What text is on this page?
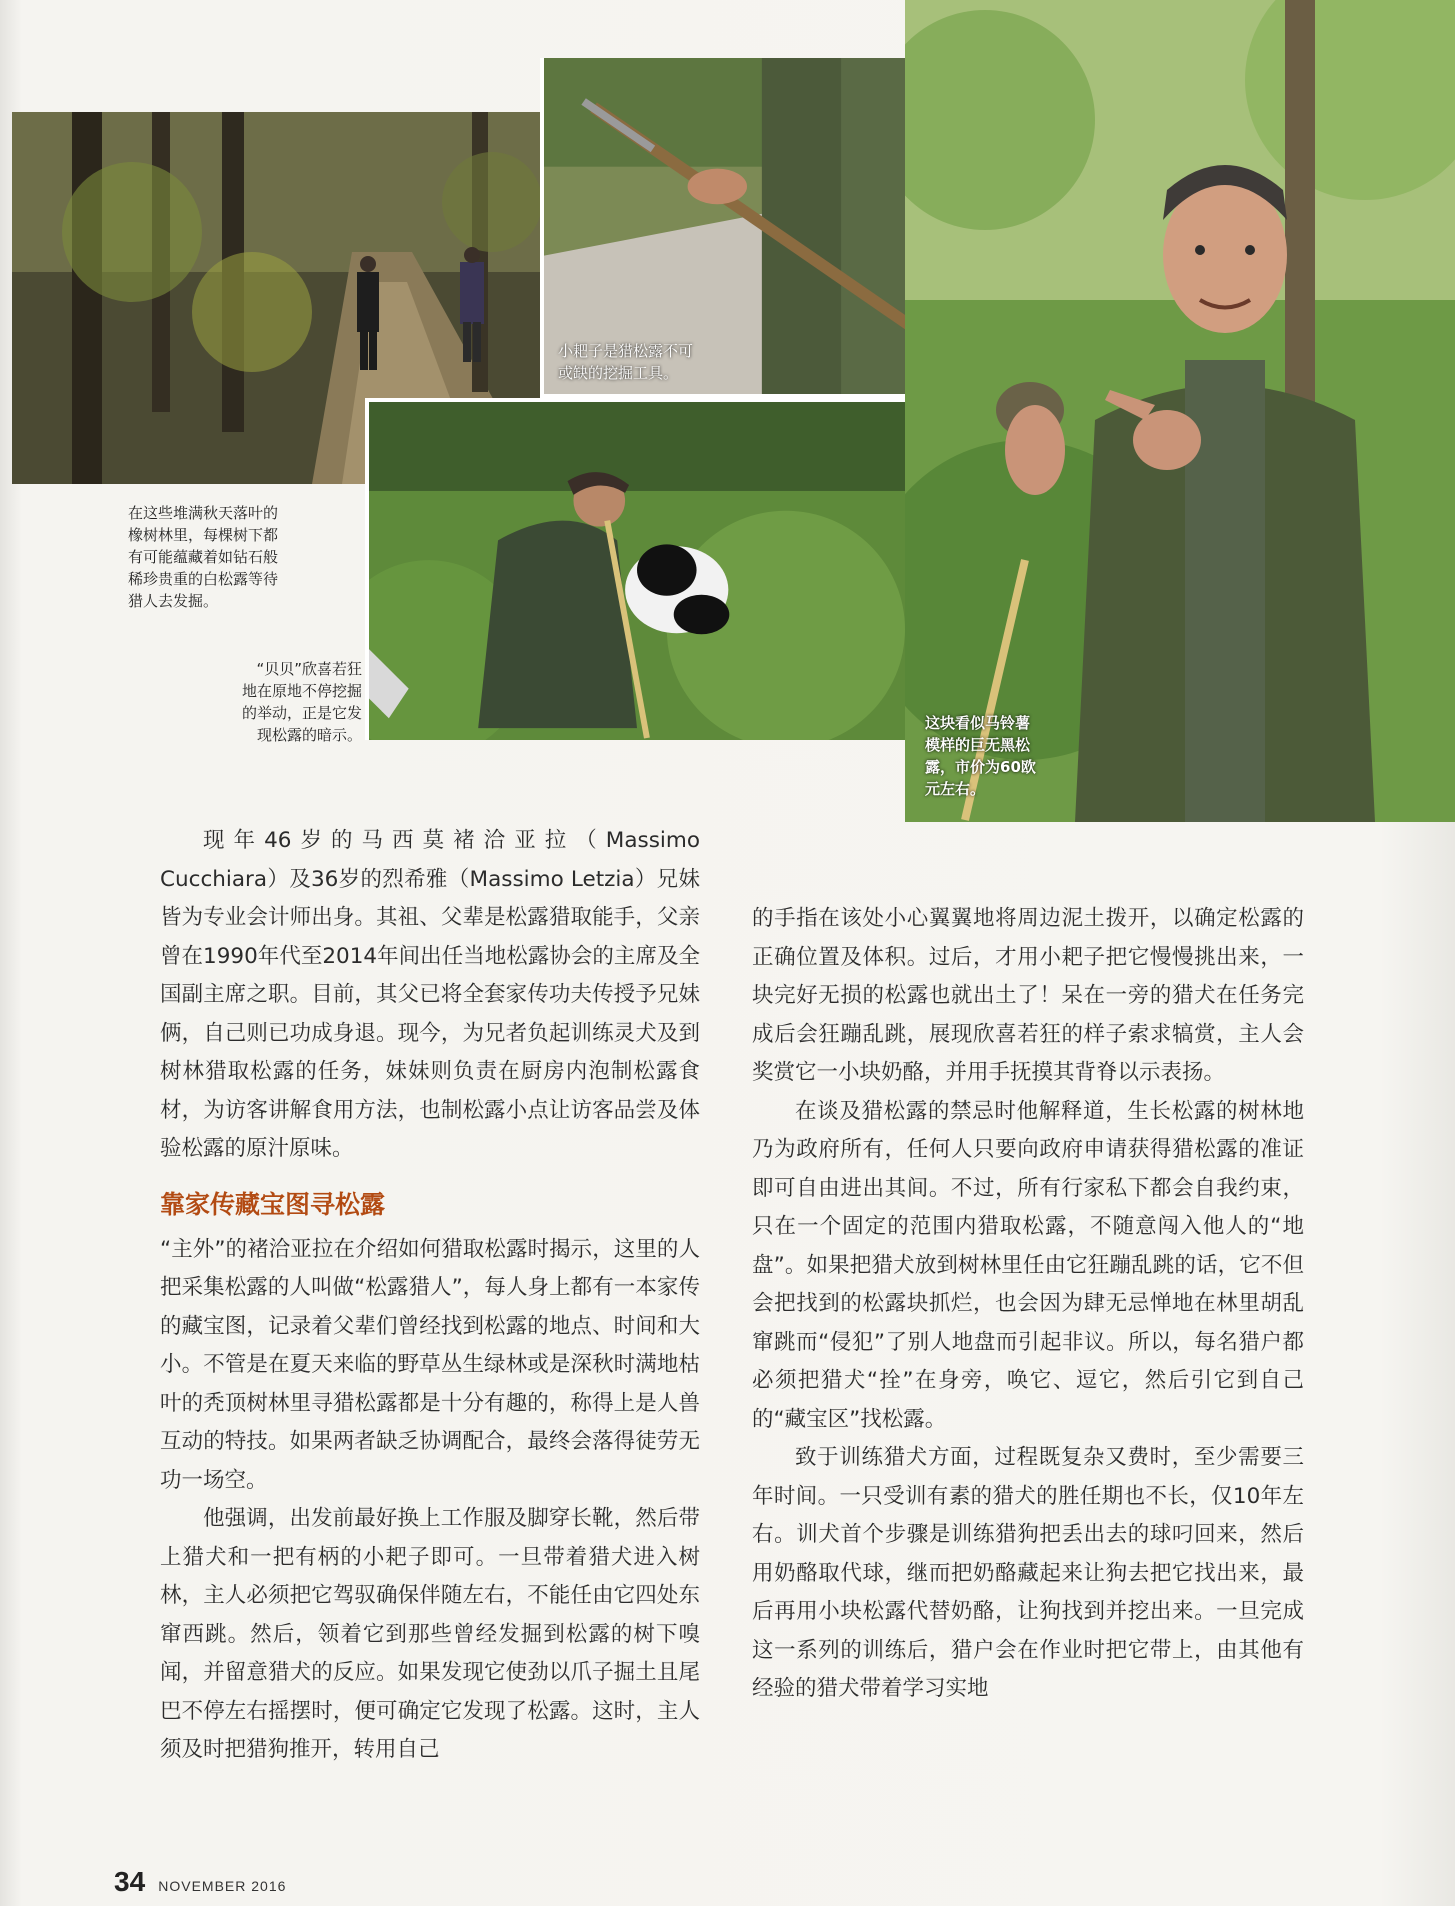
在这些堆满秋天落叶的
橡树林里，每棵树下都
有可能蕴藏着如钻石般
稀珍贵重的白松露等待
猎人去发掘。
“贝贝”欣喜若狂
地在原地不停挖掘
的举动，正是它发
现松露的暗示。
小耙子是猎松露不可
或缺的挖掘工具。
这块看似马铃薯
模样的巨无黑松
露，市价为60欧
元左右。

现年46岁的马西莫褚洽亚拉（Massimo Cucchiara）及36岁的烈希雅（Massimo Letzia）兄妹皆为专业会计师出身。其祖、父辈是松露猎取能手，父亲曾在1990年代至2014年间出任当地松露协会的主席及全国副主席之职。目前，其父已将全套家传功夫传授予兄妹俩，自己则已功成身退。现今，为兄者负起训练灵犬及到树林猎取松露的任务，妹妹则负责在厨房内泡制松露食材，为访客讲解食用方法，也制松露小点让访客品尝及体验松露的原汁原味。

靠家传藏宝图寻松露

“主外”的褚洽亚拉在介绍如何猎取松露时揭示，这里的人把采集松露的人叫做“松露猎人”，每人身上都有一本家传的藏宝图，记录着父辈们曾经找到松露的地点、时间和大小。不管是在夏天来临的野草丛生绿林或是深秋时满地枯叶的秃顶树林里寻猎松露都是十分有趣的，称得上是人兽互动的特技。如果两者缺乏协调配合，最终会落得徒劳无功一场空。

他强调，出发前最好换上工作服及脚穿长靴，然后带上猎犬和一把有柄的小耙子即可。一旦带着猎犬进入树林，主人必须把它驾驭确保伴随左右，不能任由它四处东窜西跳。然后，领着它到那些曾经发掘到松露的树下嗅闻，并留意猎犬的反应。如果发现它使劲以爪子掘土且尾巴不停左右摇摆时，便可确定它发现了松露。这时，主人须及时把猎狗推开，转用自己

的手指在该处小心翼翼地将周边泥土拨开，以确定松露的正确位置及体积。过后，才用小耙子把它慢慢挑出来，一块完好无损的松露也就出土了！呆在一旁的猎犬在任务完成后会狂蹦乱跳，展现欣喜若狂的样子索求犒赏，主人会奖赏它一小块奶酪，并用手抚摸其背脊以示表扬。

在谈及猎松露的禁忌时他解释道，生长松露的树林地乃为政府所有，任何人只要向政府申请获得猎松露的准证即可自由进出其间。不过，所有行家私下都会自我约束，只在一个固定的范围内猎取松露，不随意闯入他人的“地盘”。如果把猎犬放到树林里任由它狂蹦乱跳的话，它不但会把找到的松露块抓烂，也会因为肆无忌惮地在林里胡乱窜跳而“侵犯”了别人地盘而引起非议。所以，每名猎户都必须把猎犬“拴”在身旁，唤它、逗它，然后引它到自己的“藏宝区”找松露。

致于训练猎犬方面，过程既复杂又费时，至少需要三年时间。一只受训有素的猎犬的胜任期也不长，仅10年左右。训犬首个步骤是训练猎狗把丢出去的球叼回来，然后用奶酪取代球，继而把奶酪藏起来让狗去把它找出来，最后再用小块松露代替奶酪，让狗找到并挖出来。一旦完成这一系列的训练后，猎户会在作业时把它带上，由其他有经验的猎犬带着学习实地

34 NOVEMBER 2016
